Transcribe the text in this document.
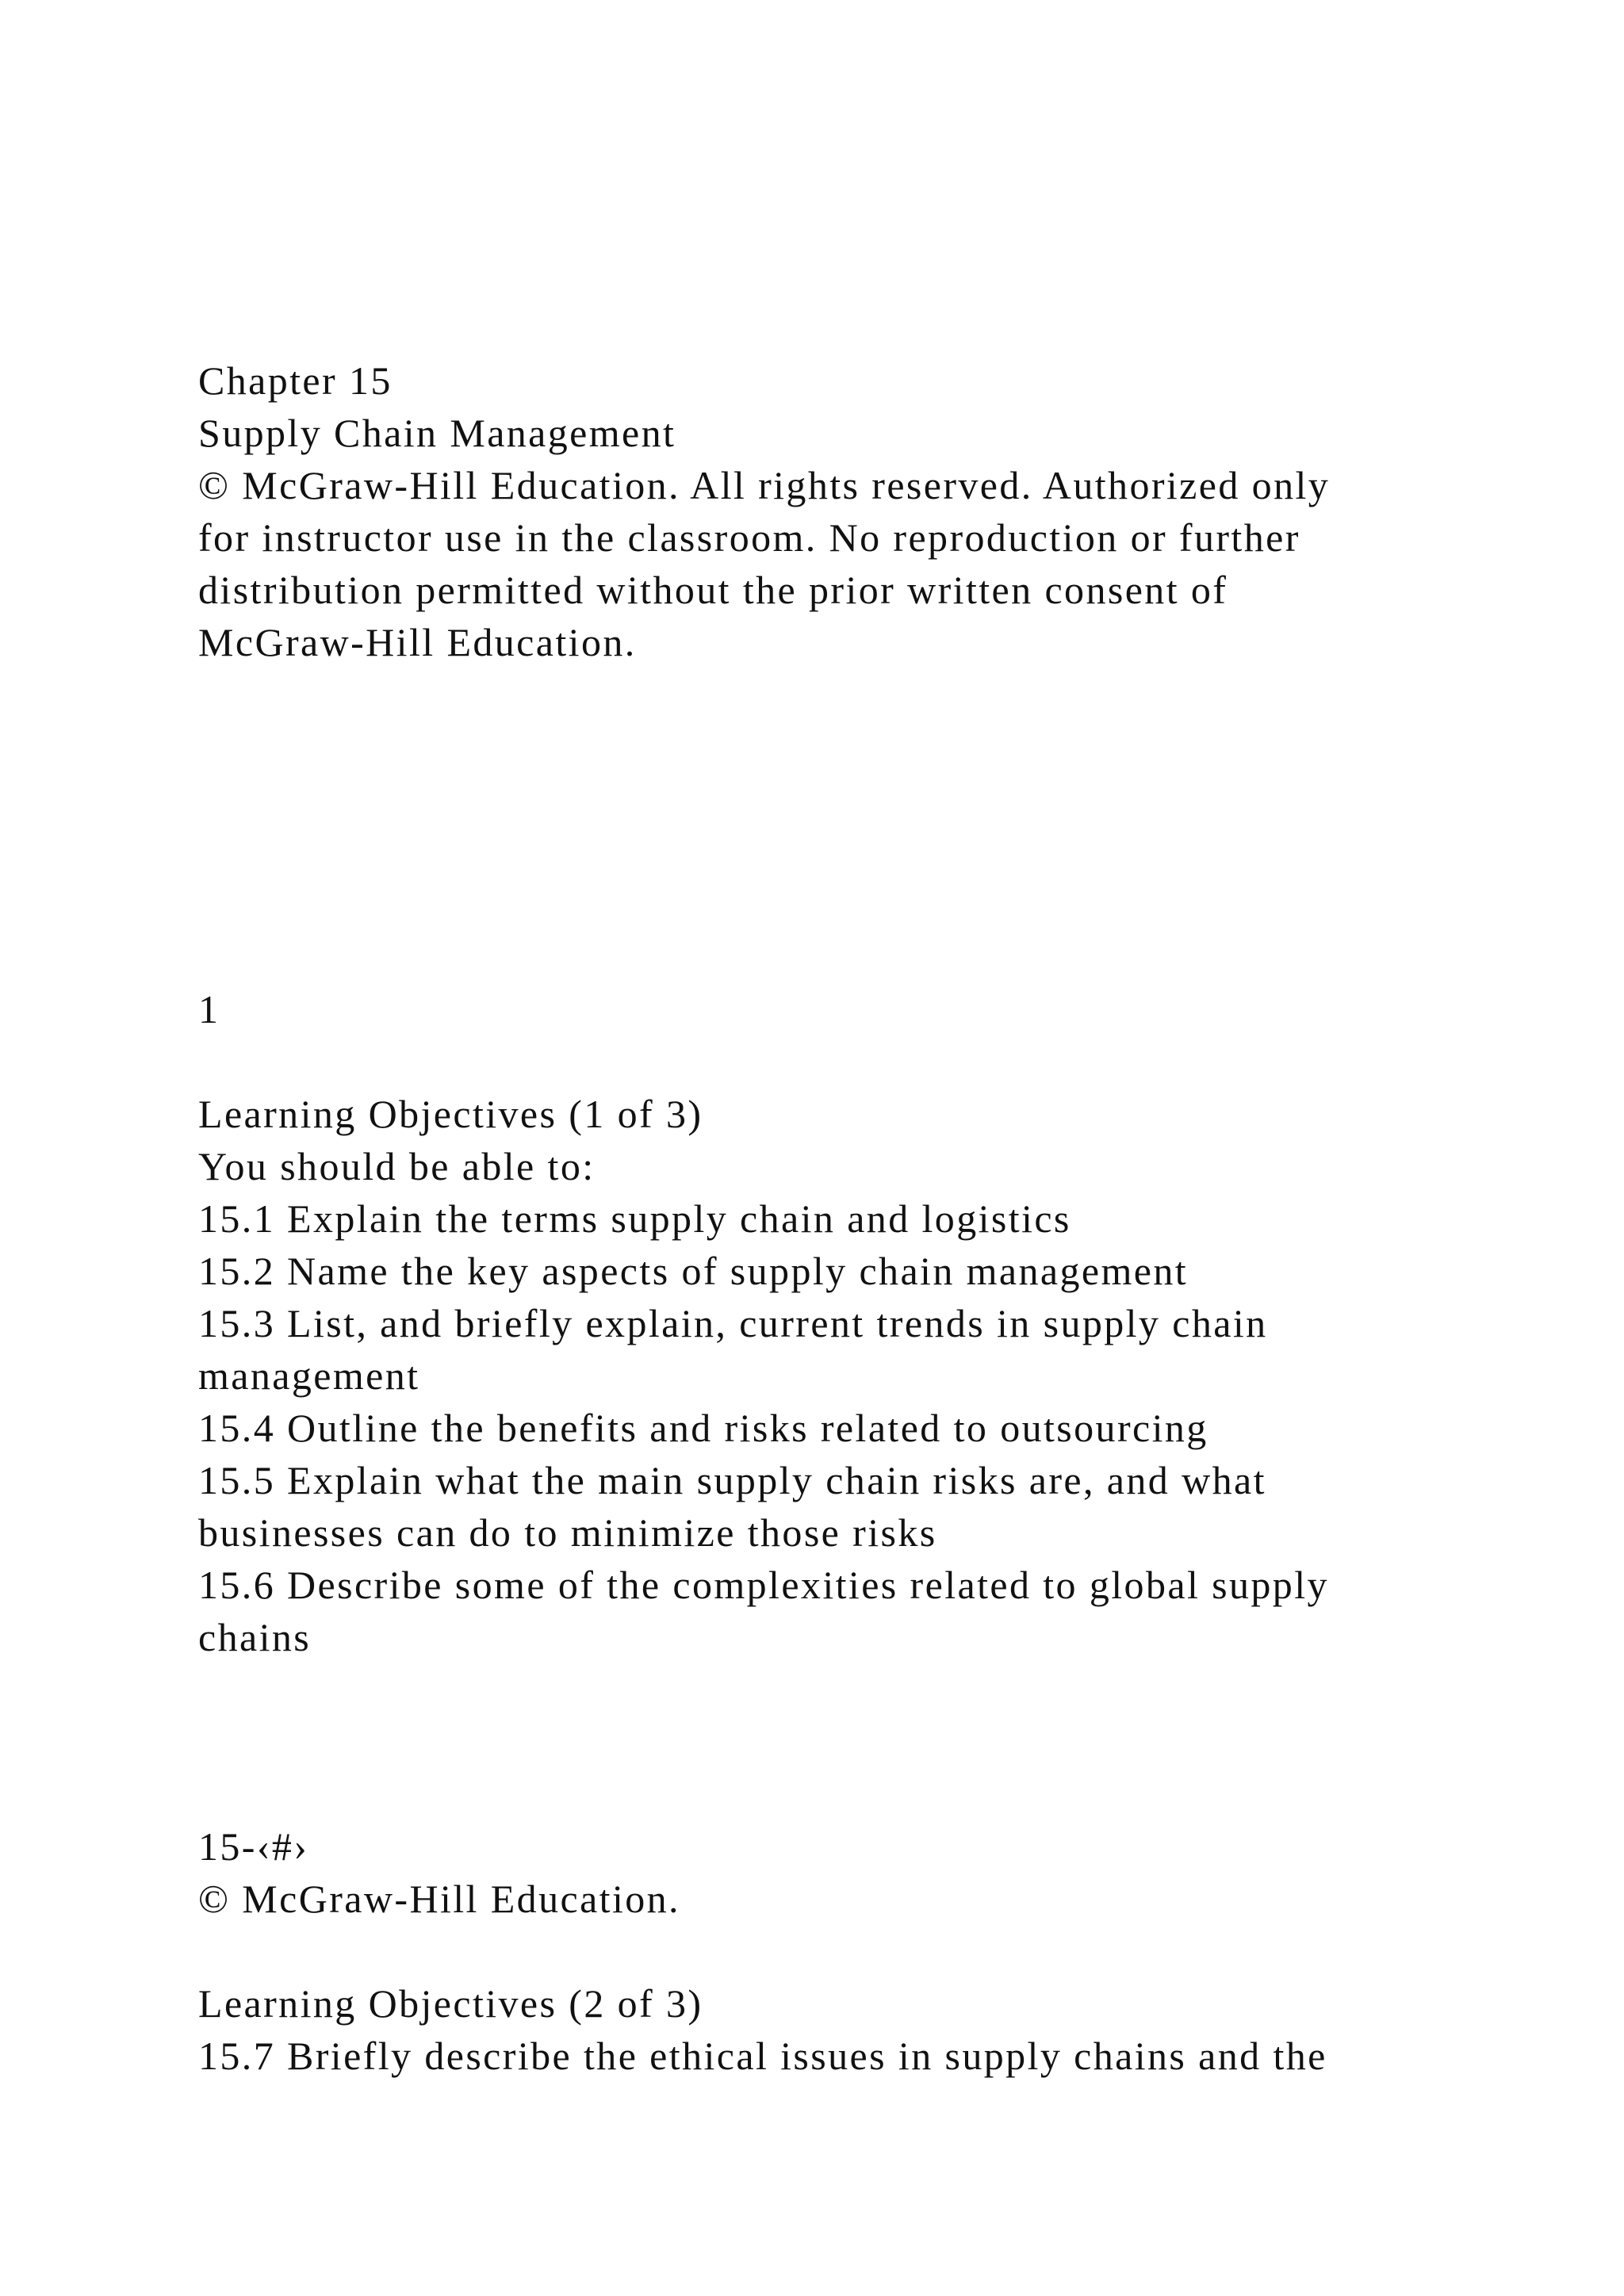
Chapter 15

Supply Chain Management

© McGraw-Hill Education. All rights reserved. Authorized only

for instructor use in the classroom. No reproduction or further

distribution permitted without the prior written consent of

McGraw-Hill Education.

1

Learning Objectives (1 of 3)

You should be able to:

15.1 Explain the terms supply chain and logistics

15.2 Name the key aspects of supply chain management

15.3 List, and briefly explain, current trends in supply chain

management

15.4 Outline the benefits and risks related to outsourcing

15.5 Explain what the main supply chain risks are, and what

businesses can do to minimize those risks

15.6 Describe some of the complexities related to global supply

chains

15-‹#›

© McGraw-Hill Education.

Learning Objectives (2 of 3)

15.7 Briefly describe the ethical issues in supply chains and the
